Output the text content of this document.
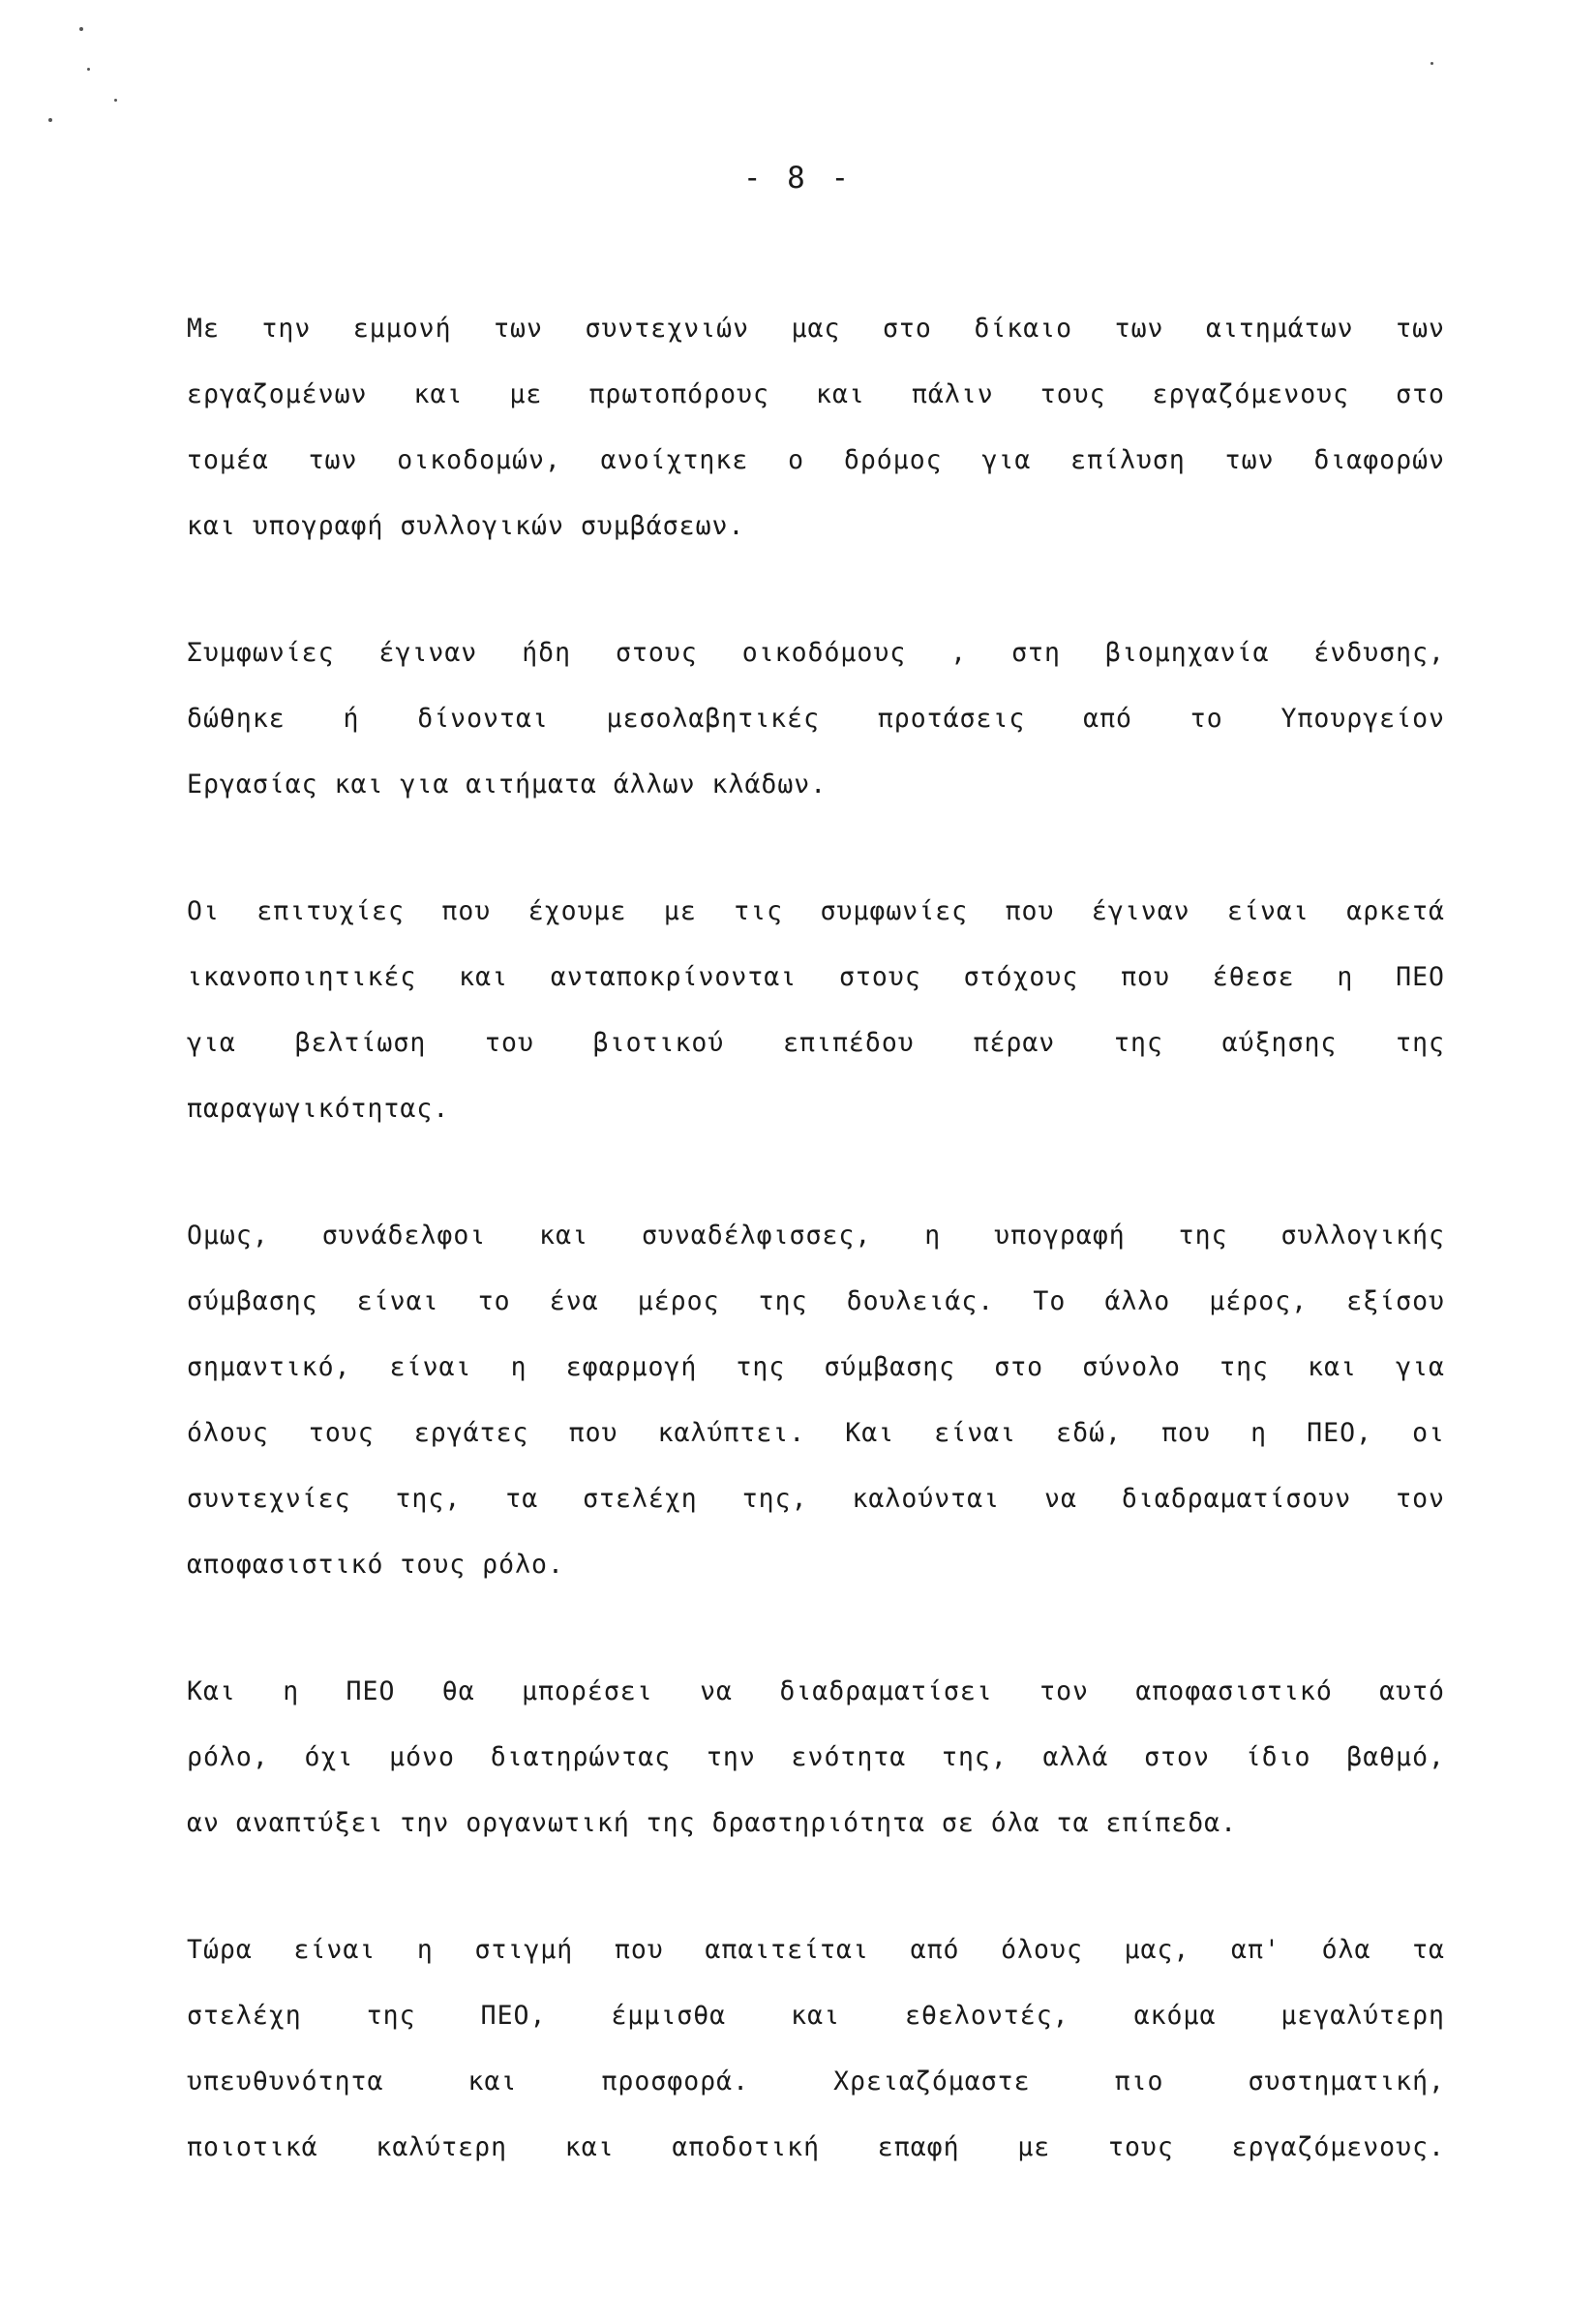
- 8 -
Με την εμμονή των συντεχνιών μας στο δίκαιο των αιτημάτων των
εργαζομένων και με πρωτοπόρους και πάλιν τους εργαζόμενους στο
τομέα των οικοδομών, ανοίχτηκε ο δρόμος για επίλυση των διαφορών
και υπογραφή συλλογικών συμβάσεων.
Συμφωνίες έγιναν ήδη στους οικοδόμους , στη βιομηχανία ένδυσης,
δώθηκε ή δίνονται μεσολαβητικές προτάσεις από το Υπουργείον
Εργασίας και για αιτήματα άλλων κλάδων.
Οι επιτυχίες που έχουμε με τις συμφωνίες που έγιναν είναι αρκετά
ικανοποιητικές και ανταποκρίνονται στους στόχους που έθεσε η ΠΕΟ
για βελτίωση του βιοτικού επιπέδου πέραν της αύξησης της
παραγωγικότητας.
Ομως, συνάδελφοι και συναδέλφισσες, η υπογραφή της συλλογικής
σύμβασης είναι το ένα μέρος της δουλειάς. Το άλλο μέρος, εξίσου
σημαντικό, είναι η εφαρμογή της σύμβασης στο σύνολο της και για
όλους τους εργάτες που καλύπτει. Και είναι εδώ, που η ΠΕΟ, οι
συντεχνίες της, τα στελέχη της, καλούνται να διαδραματίσουν τον
αποφασιστικό τους ρόλο.
Και η ΠΕΟ θα μπορέσει να διαδραματίσει τον αποφασιστικό αυτό
ρόλο, όχι μόνο διατηρώντας την ενότητα της, αλλά στον ίδιο βαθμό,
αν αναπτύξει την οργανωτική της δραστηριότητα σε όλα τα επίπεδα.
Τώρα είναι η στιγμή που απαιτείται από όλους μας, απ' όλα τα
στελέχη της ΠΕΟ, έμμισθα και εθελοντές, ακόμα μεγαλύτερη
υπευθυνότητα και προσφορά. Χρειαζόμαστε πιο συστηματική,
ποιοτικά καλύτερη και αποδοτική επαφή με τους εργαζόμενους.
